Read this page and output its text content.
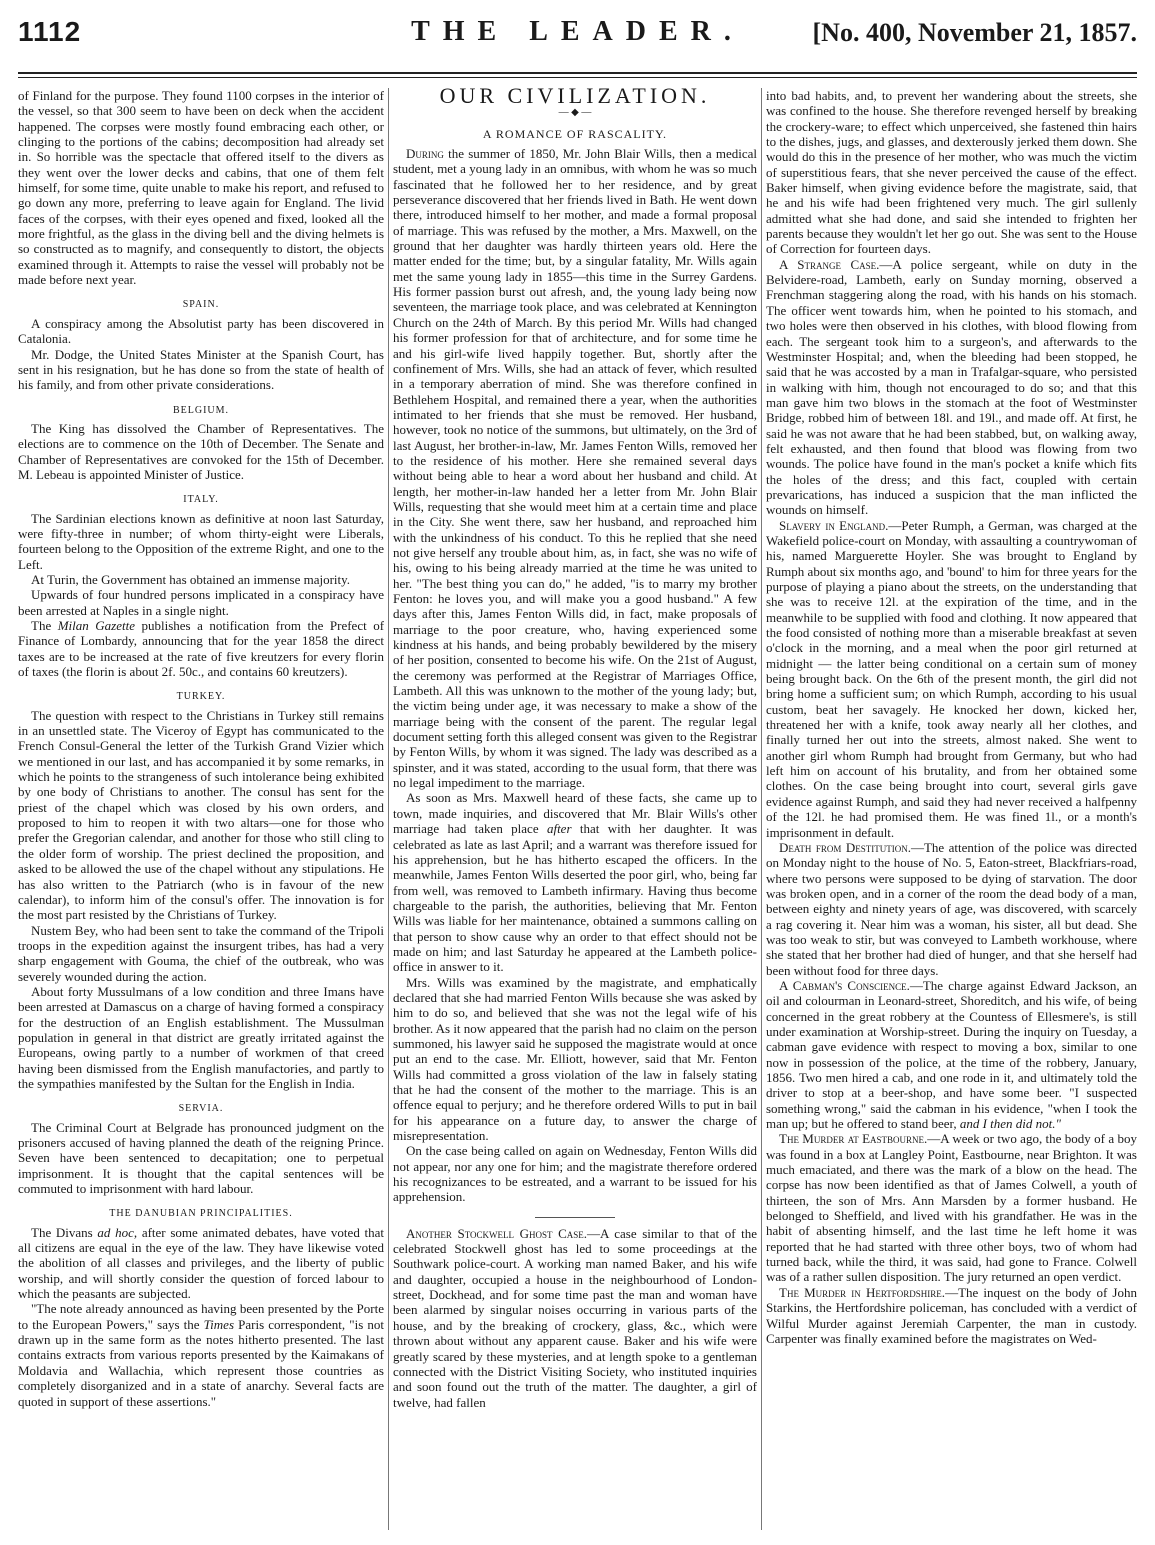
1112	THE LEADER.	[No. 400, November 21, 1857.

of Finland for the purpose. They found 1100 corpses in the interior of the vessel, so that 300 seem to have been on deck when the accident happened. The corpses were mostly found embracing each other, or clinging to the portions of the cabins; decomposition had already set in. So horrible was the spectacle that offered itself to the divers as they went over the lower decks and cabins, that one of them felt himself, for some time, quite unable to make his report, and refused to go down any more, preferring to leave again for England. The livid faces of the corpses, with their eyes opened and fixed, looked all the more frightful, as the glass in the diving bell and the diving helmets is so constructed as to magnify, and consequently to distort, the objects examined through it. Attempts to raise the vessel will probably not be made before next year.

SPAIN.

A conspiracy among the Absolutist party has been discovered in Catalonia.

Mr. Dodge, the United States Minister at the Spanish Court, has sent in his resignation, but he has done so from the state of health of his family, and from other private considerations.

BELGIUM.

The King has dissolved the Chamber of Representatives. The elections are to commence on the 10th of December. The Senate and Chamber of Representatives are convoked for the 15th of December. M. Lebeau is appointed Minister of Justice.

ITALY.

The Sardinian elections known as definitive at noon last Saturday, were fifty-three in number; of whom thirty-eight were Liberals, fourteen belong to the Opposition of the extreme Right, and one to the Left.

At Turin, the Government has obtained an immense majority.

Upwards of four hundred persons implicated in a conspiracy have been arrested at Naples in a single night.

The Milan Gazette publishes a notification from the Prefect of Finance of Lombardy, announcing that for the year 1858 the direct taxes are to be increased at the rate of five kreutzers for every florin of taxes (the florin is about 2f. 50c., and contains 60 kreutzers).

TURKEY.

The question with respect to the Christians in Turkey still remains in an unsettled state. The Viceroy of Egypt has communicated to the French Consul-General the letter of the Turkish Grand Vizier which we mentioned in our last, and has accompanied it by some remarks, in which he points to the strangeness of such intolerance being exhibited by one body of Christians to another. The consul has sent for the priest of the chapel which was closed by his own orders, and proposed to him to reopen it with two altars—one for those who prefer the Gregorian calendar, and another for those who still cling to the older form of worship. The priest declined the proposition, and asked to be allowed the use of the chapel without any stipulations. He has also written to the Patriarch (who is in favour of the new calendar), to inform him of the consul's offer. The innovation is for the most part resisted by the Christians of Turkey.

Nustem Bey, who had been sent to take the command of the Tripoli troops in the expedition against the insurgent tribes, has had a very sharp engagement with Gouma, the chief of the outbreak, who was severely wounded during the action.

About forty Mussulmans of a low condition and three Imans have been arrested at Damascus on a charge of having formed a conspiracy for the destruction of an English establishment. The Mussulman population in general in that district are greatly irritated against the Europeans, owing partly to a number of workmen of that creed having been dismissed from the English manufactories, and partly to the sympathies manifested by the Sultan for the English in India.

SERVIA.

The Criminal Court at Belgrade has pronounced judgment on the prisoners accused of having planned the death of the reigning Prince. Seven have been sentenced to decapitation; one to perpetual imprisonment. It is thought that the capital sentences will be commuted to imprisonment with hard labour.

THE DANUBIAN PRINCIPALITIES.

The Divans ad hoc, after some animated debates, have voted that all citizens are equal in the eye of the law. They have likewise voted the abolition of all classes and privileges, and the liberty of public worship, and will shortly consider the question of forced labour to which the peasants are subjected.

"The note already announced as having been presented by the Porte to the European Powers," says the Times Paris correspondent, "is not drawn up in the same form as the notes hitherto presented. The last contains extracts from various reports presented by the Kaimakans of Moldavia and Wallachia, which represent those countries as completely disorganized and in a state of anarchy. Several facts are quoted in support of these assertions."

OUR CIVILIZATION.
— ◆ —
A ROMANCE OF RASCALITY.

During the summer of 1850, Mr. John Blair Wills, then a medical student, met a young lady in an omnibus, with whom he was so much fascinated that he followed her to her residence, and by great perseverance discovered that her friends lived in Bath. He went down there, introduced himself to her mother, and made a formal proposal of marriage. This was refused by the mother, a Mrs. Maxwell, on the ground that her daughter was hardly thirteen years old. Here the matter ended for the time; but, by a singular fatality, Mr. Wills again met the same young lady in 1855—this time in the Surrey Gardens. His former passion burst out afresh, and, the young lady being now seventeen, the marriage took place, and was celebrated at Kennington Church on the 24th of March. By this period Mr. Wills had changed his former profession for that of architecture, and for some time he and his girl-wife lived happily together. But, shortly after the confinement of Mrs. Wills, she had an attack of fever, which resulted in a temporary aberration of mind. She was therefore confined in Bethlehem Hospital, and remained there a year, when the authorities intimated to her friends that she must be removed. Her husband, however, took no notice of the summons, but ultimately, on the 3rd of last August, her brother-in-law, Mr. James Fenton Wills, removed her to the residence of his mother. Here she remained several days without being able to hear a word about her husband and child. At length, her mother-in-law handed her a letter from Mr. John Blair Wills, requesting that she would meet him at a certain time and place in the City. She went there, saw her husband, and reproached him with the unkindness of his conduct. To this he replied that she need not give herself any trouble about him, as, in fact, she was no wife of his, owing to his being already married at the time he was united to her. "The best thing you can do," he added, "is to marry my brother Fenton: he loves you, and will make you a good husband." A few days after this, James Fenton Wills did, in fact, make proposals of marriage to the poor creature, who, having experienced some kindness at his hands, and being probably bewildered by the misery of her position, consented to become his wife. On the 21st of August, the ceremony was performed at the Registrar of Marriages Office, Lambeth. All this was unknown to the mother of the young lady; but, the victim being under age, it was necessary to make a show of the marriage being with the consent of the parent. The regular legal document setting forth this alleged consent was given to the Registrar by Fenton Wills, by whom it was signed. The lady was described as a spinster, and it was stated, according to the usual form, that there was no legal impediment to the marriage.

As soon as Mrs. Maxwell heard of these facts, she came up to town, made inquiries, and discovered that Mr. Blair Wills's other marriage had taken place after that with her daughter. It was celebrated as late as last April; and a warrant was therefore issued for his apprehension, but he has hitherto escaped the officers. In the meanwhile, James Fenton Wills deserted the poor girl, who, being far from well, was removed to Lambeth infirmary. Having thus become chargeable to the parish, the authorities, believing that Mr. Fenton Wills was liable for her maintenance, obtained a summons calling on that person to show cause why an order to that effect should not be made on him; and last Saturday he appeared at the Lambeth police-office in answer to it.

Mrs. Wills was examined by the magistrate, and emphatically declared that she had married Fenton Wills because she was asked by him to do so, and believed that she was not the legal wife of his brother. As it now appeared that the parish had no claim on the person summoned, his lawyer said he supposed the magistrate would at once put an end to the case. Mr. Elliott, however, said that Mr. Fenton Wills had committed a gross violation of the law in falsely stating that he had the consent of the mother to the marriage. This is an offence equal to perjury; and he therefore ordered Wills to put in bail for his appearance on a future day, to answer the charge of misrepresentation.

On the case being called on again on Wednesday, Fenton Wills did not appear, nor any one for him; and the magistrate therefore ordered his recognizances to be estreated, and a warrant to be issued for his apprehension.

Another Stockwell Ghost Case.—A case similar to that of the celebrated Stockwell ghost has led to some proceedings at the Southwark police-court. A working man named Baker, and his wife and daughter, occupied a house in the neighbourhood of London-street, Dockhead, and for some time past the man and woman have been alarmed by singular noises occurring in various parts of the house, and by the breaking of crockery, glass, &c., which were thrown about without any apparent cause. Baker and his wife were greatly scared by these mysteries, and at length spoke to a gentleman connected with the District Visiting Society, who instituted inquiries and soon found out the truth of the matter. The daughter, a girl of twelve, had fallen

into bad habits, and, to prevent her wandering about the streets, she was confined to the house. She therefore revenged herself by breaking the crockery-ware; to effect which unperceived, she fastened thin hairs to the dishes, jugs, and glasses, and dexterously jerked them down. She would do this in the presence of her mother, who was much the victim of superstitious fears, that she never perceived the cause of the effect. Baker himself, when giving evidence before the magistrate, said, that he and his wife had been frightened very much. The girl sullenly admitted what she had done, and said she intended to frighten her parents because they wouldn't let her go out. She was sent to the House of Correction for fourteen days.

A Strange Case.—A police sergeant, while on duty in the Belvidere-road, Lambeth, early on Sunday morning, observed a Frenchman staggering along the road, with his hands on his stomach. The officer went towards him, when he pointed to his stomach, and two holes were then observed in his clothes, with blood flowing from each. The sergeant took him to a surgeon's, and afterwards to the Westminster Hospital; and, when the bleeding had been stopped, he said that he was accosted by a man in Trafalgar-square, who persisted in walking with him, though not encouraged to do so; and that this man gave him two blows in the stomach at the foot of Westminster Bridge, robbed him of between 18l. and 19l., and made off. At first, he said he was not aware that he had been stabbed, but, on walking away, felt exhausted, and then found that blood was flowing from two wounds. The police have found in the man's pocket a knife which fits the holes of the dress; and this fact, coupled with certain prevarications, has induced a suspicion that the man inflicted the wounds on himself.

Slavery in England.—Peter Rumph, a German, was charged at the Wakefield police-court on Monday, with assaulting a countrywoman of his, named Marguerette Hoyler. She was brought to England by Rumph about six months ago, and 'bound' to him for three years for the purpose of playing a piano about the streets, on the understanding that she was to receive 12l. at the expiration of the time, and in the meanwhile to be supplied with food and clothing. It now appeared that the food consisted of nothing more than a miserable breakfast at seven o'clock in the morning, and a meal when the poor girl returned at midnight — the latter being conditional on a certain sum of money being brought back. On the 6th of the present month, the girl did not bring home a sufficient sum; on which Rumph, according to his usual custom, beat her savagely. He knocked her down, kicked her, threatened her with a knife, took away nearly all her clothes, and finally turned her out into the streets, almost naked. She went to another girl whom Rumph had brought from Germany, but who had left him on account of his brutality, and from her obtained some clothes. On the case being brought into court, several girls gave evidence against Rumph, and said they had never received a halfpenny of the 12l. he had promised them. He was fined 1l., or a month's imprisonment in default.

Death from Destitution.—The attention of the police was directed on Monday night to the house of No. 5, Eaton-street, Blackfriars-road, where two persons were supposed to be dying of starvation. The door was broken open, and in a corner of the room the dead body of a man, between eighty and ninety years of age, was discovered, with scarcely a rag covering it. Near him was a woman, his sister, all but dead. She was too weak to stir, but was conveyed to Lambeth workhouse, where she stated that her brother had died of hunger, and that she herself had been without food for three days.

A Cabman's Conscience.—The charge against Edward Jackson, an oil and colourman in Leonard-street, Shoreditch, and his wife, of being concerned in the great robbery at the Countess of Ellesmere's, is still under examination at Worship-street. During the inquiry on Tuesday, a cabman gave evidence with respect to moving a box, similar to one now in possession of the police, at the time of the robbery, January, 1856. Two men hired a cab, and one rode in it, and ultimately told the driver to stop at a beer-shop, and have some beer. "I suspected something wrong," said the cabman in his evidence, "when I took the man up; but he offered to stand beer, and I then did not."

The Murder at Eastbourne.—A week or two ago, the body of a boy was found in a box at Langley Point, Eastbourne, near Brighton. It was much emaciated, and there was the mark of a blow on the head. The corpse has now been identified as that of James Colwell, a youth of thirteen, the son of Mrs. Ann Marsden by a former husband. He belonged to Sheffield, and lived with his grandfather. He was in the habit of absenting himself, and the last time he left home it was reported that he had started with three other boys, two of whom had turned back, while the third, it was said, had gone to France. Colwell was of a rather sullen disposition. The jury returned an open verdict.

The Murder in Hertfordshire.—The inquest on the body of John Starkins, the Hertfordshire policeman, has concluded with a verdict of Wilful Murder against Jeremiah Carpenter, the man in custody. Carpenter was finally examined before the magistrates on Wed-
